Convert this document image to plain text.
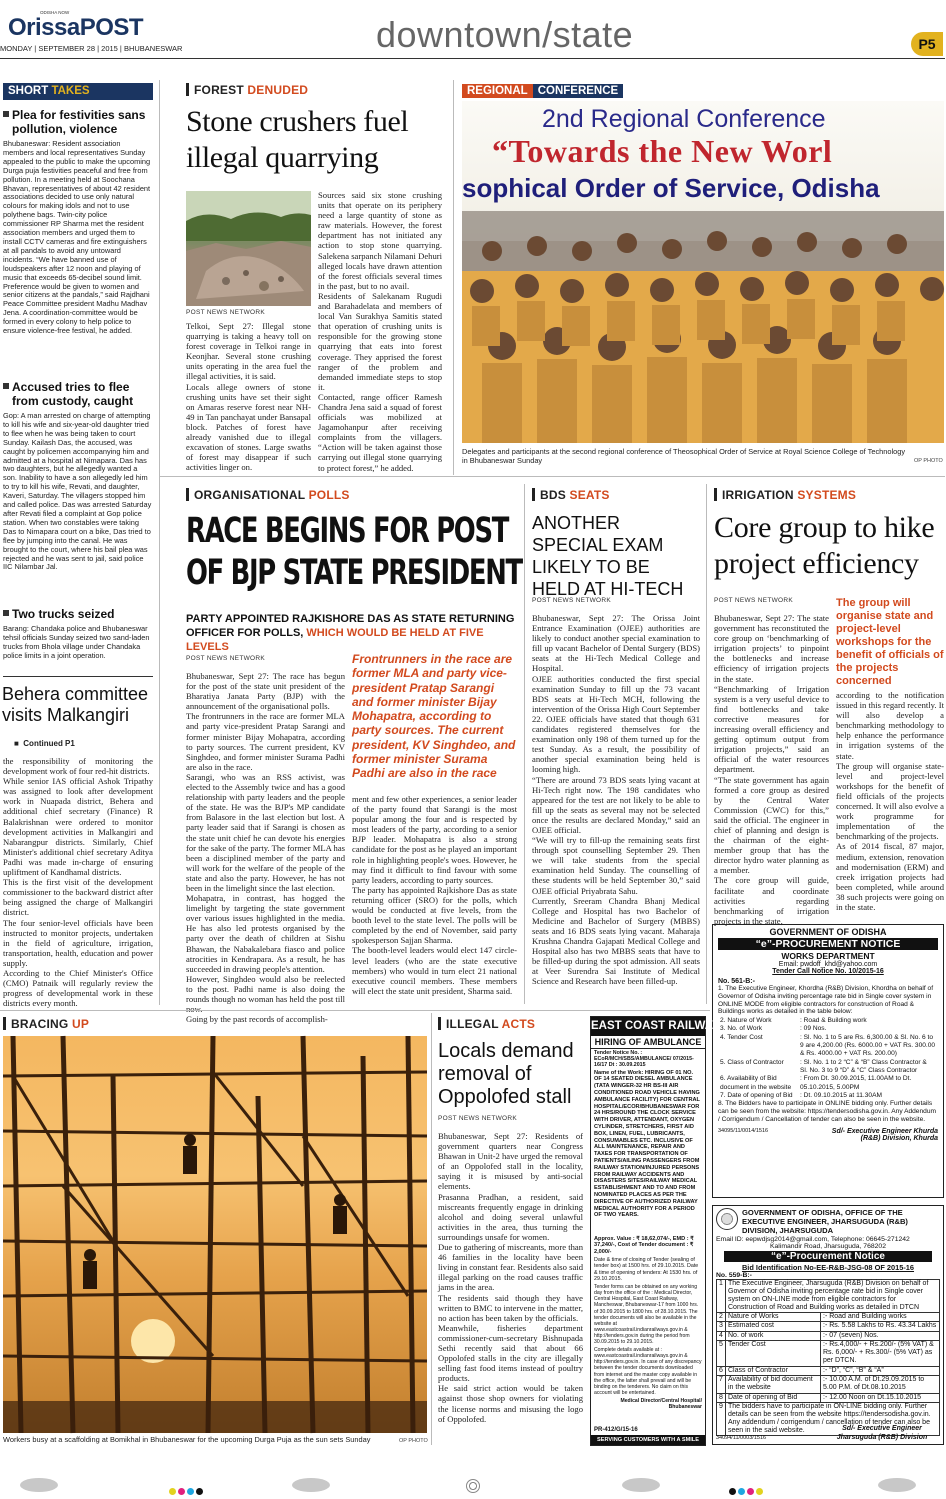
ODISHA NOW
OrissaPOST
MONDAY | SEPTEMBER 28 | 2015 | BHUBANESWAR	downtown/state	P5
SHORT TAKES
Plea for festivities sans pollution, violence
Bhubaneswar: Resident association members and local representatives Sunday appealed to the public to make the upcoming Durga puja festivities peaceful and free from pollution. In a meeting held at Soochana Bhavan, representatives of about 42 resident associations decided to use only natural colours for making idols and not to use polythene bags. Twin-city police commissioner RP Sharma met the resident association members and urged them to install CCTV cameras and fire extinguishers at all pandals to avoid any untoward incidents. “We have banned use of loudspeakers after 12 noon and playing of music that exceeds 65-decibel sound limit. Preference would be given to women and senior citizens at the pandals,” said Rajdhani Peace Committee president Madhu Madhav Jena. A coordination-committee would be formed in every colony to help police to ensure violence-free festival, he added.
Accused tries to flee from custody, caught
Gop: A man arrested on charge of attempting to kill his wife and six-year-old daughter tried to flee when he was being taken to court Sunday. Kailash Das, the accused, was caught by policemen accompanying him and admitted at a hospital at Nimapara. Das has two daughters, but he allegedly wanted a son. Inability to have a son allegedly led him to try to kill his wife, Revati, and daughter, Kaveri, Saturday. The villagers stopped him and called police. Das was arrested Saturday after Revati filed a complaint at Gop police station. When two constables were taking Das to Nimapara court on a bike, Das tried to flee by jumping into the canal. He was brought to the court, where his bail plea was rejected and he was sent to jail, said police IIC Nilambar Jal.
Two trucks seized
Barang: Chandaka police and Bhubaneswar tehsil officials Sunday seized two sand-laden trucks from Bhola village under Chandaka police limits in a joint operation.
Behera committee visits Malkangiri
■  Continued P1
the responsibility of monitoring the development work of four red-hit districts.
While senior IAS official Ashok Tripathy was assigned to look after development work in Nuapada district, Behera and additional chief secretary (Finance) R Balakrishnan were ordered to monitor development activities in Malkangiri and Nabarangpur districts. Similarly, Chief Minister's additional chief secretary Aditya Padhi was made in-charge of ensuring upliftment of Kandhamal districts.
This is the first visit of the development commissioner to the backward district after being assigned the charge of Malkangiri district.
The four senior-level officials have been instructed to monitor projects, undertaken in the field of agriculture, irrigation, transportation, health, education and power supply.
According to the Chief Minister's Office (CMO) Patnaik will regularly review the progress of developmental work in these districts every month.
FOREST DENUDED
Stone crushers fuel illegal quarrying
POST NEWS NETWORK
Telkoi, Sept 27: Illegal stone quarrying is taking a heavy toll on forest coverage in Telkoi range in Keonjhar. Several stone crushing units operating in the area fuel the illegal activities, it is said.
Locals allege owners of stone crushing units have set their sight on Amaras reserve forest near NH-49 in Tan panchayat under Bansapal block. Patches of forest have already vanished due to illegal excavation of stones. Large swaths of forest may disappear if such activities linger on.
Sources said six stone crushing units that operate on its periphery need a large quantity of stone as raw materials. However, the forest department has not initiated any action to stop stone quarrying. Salekena sarpanch Nilamani Dehuri alleged locals have drawn attention of the forest officials several times in the past, but to no avail.
Residents of Salekanam Rugudi and Barahadelata and members of local Van Surakhya Samitis stated that operation of crushing units is responsible for the growing stone quarrying that eats into forest coverage. They apprised the forest ranger of the problem and demanded immediate steps to stop it.
Contacted, range officer Ramesh Chandra Jena said a squad of forest officials was mobilized at Jagamohanpur after receiving complaints from the villagers. “Action will be taken against those carrying out illegal stone quarrying to protect forest,” he added.
REGIONAL CONFERENCE
2nd Regional Conference
“Towards the New Worl
sophical Order of Service, Odisha
Delegates and participants at the second regional conference of Theosophical Order of Service at Royal Science College of Technology in Bhubaneswar Sunday	OP PHOTO
ORGANISATIONAL POLLS
RACE BEGINS FOR POST OF BJP STATE PRESIDENT
PARTY APPOINTED RAJKISHORE DAS AS STATE RETURNING OFFICER FOR POLLS, WHICH WOULD BE HELD AT FIVE LEVELS
POST NEWS NETWORK
Bhubaneswar, Sept 27: The race has begun for the post of the state unit president of the Bharatiya Janata Party (BJP) with the announcement of the organisational polls.
The frontrunners in the race are former MLA and party vice-president Pratap Sarangi and former minister Bijay Mohapatra, according to party sources. The current president, KV Singhdeo, and former minister Surama Padhi are also in the race.
Sarangi, who was an RSS activist, was elected to the Assembly twice and has a good relationship with party leaders and the people of the state. He was the BJP's MP candidate from Balasore in the last election but lost. A party leader said that if Sarangi is chosen as the state unit chief he can devote his energies for the sake of the party. The former MLA has been a disciplined member of the party and will work for the welfare of the people of the state and also the party. However, he has not been in the limelight since the last election.
Mohapatra, in contrast, has hogged the limelight by targeting the state government over various issues highlighted in the media. He has also led protests organised by the party over the death of children at Sishu Bhawan, the Nabakalebara fiasco and police atrocities in Kendrapara. As a result, he has succeeded in drawing people's attention.
However, Singhdeo would also be reelected to the post. Padhi name is also doing the rounds though no woman has held the post till
Going by the past records of accomplish-
Frontrunners in the race are former MLA and party vice-president Pratap Sarangi and former minister Bijay Mohapatra, according to party sources. The current president, KV Singhdeo, and former minister Surama Padhi are also in the race
ment and few other experiences, a senior leader of the party found that Sarangi is the most popular among the four and is respected by most leaders of the party, according to a senior BJP leader. Mohapatra is also a strong candidate for the post as he played an important role in highlighting people's woes. However, he may find it difficult to find favour with some party leaders, according to party sources.
The party has appointed Rajkishore Das as state returning officer (SRO) for the polls, which would be conducted at five levels, from the booth level to the state level. The polls will be completed by the end of November, said party spokesperson Sajjan Sharma.
The booth-level leaders would elect 147 circle-level leaders (who are the state executive members) who would in turn elect 21 national executive council members. These members will elect the state unit president, Sharma said.
BDS SEATS
ANOTHER SPECIAL EXAM LIKELY TO BE HELD AT HI-TECH
POST NEWS NETWORK
Bhubaneswar, Sept 27: The Orissa Joint Entrance Examination (OJEE) authorities are likely to conduct another special examination to fill up vacant Bachelor of Dental Surgery (BDS) seats at the Hi-Tech Medical College and Hospital.
OJEE authorities conducted the first special examination Sunday to fill up the 73 vacant BDS seats at Hi-Tech MCH, following the intervention of the Orissa High Court September 22. OJEE officials have stated that though 631 candidates registered themselves for the examination only 198 of them turned up for the test Sunday. As a result, the possibility of another special examination being held is looming high.
“There are around 73 BDS seats lying vacant at Hi-Tech right now. The 198 candidates who appeared for the test are not likely to be able to fill up the seats as several may not be selected once the results are declared Monday,” said an OJEE official.
“We will try to fill-up the remaining seats first through spot counselling September 29. Then we will take students from the special examination held Sunday. The counselling of these students will be held September 30,” said OJEE official Priyabrata Sahu.
Currently, Sreeram Chandra Bhanj Medical College and Hospital has two Bachelor of Medicine and Bachelor of Surgery (MBBS) seats and 16 BDS seats lying vacant. Maharaja Krushna Chandra Gajapati Medical College and Hospital also has two MBBS seats that have to be filled-up during the spot admission. All seats at Veer Surendra Sai Institute of Medical Science and Research have been filled-up.
IRRIGATION SYSTEMS
Core group to hike project efficiency
POST NEWS NETWORK
Bhubaneswar, Sept 27: The state government has reconstituted the core group on ‘benchmarking of irrigation projects’ to pinpoint the bottlenecks and increase efficiency of irrigation projects in the state.
“Benchmarking of Irrigation system is a very useful device to find bottlenecks and take corrective measures for increasing overall efficiency and getting optimum output from irrigation projects,” said an official of the water resources department.
“The state government has again formed a core group as desired by the Central Water Commission (CWC) for this,” said the official. The engineer in chief of planning and design is the chairman of the eight-member group that has the director hydro water planning as a member.
The core group will guide, facilitate and coordinate activities regarding benchmarking of irrigation projects in the state,
The group will organise state and project-level workshops for the benefit of officials of the projects concerned
according to the notification issued in this regard recently. It will also develop a benchmarking methodology to help enhance the performance in irrigation systems of the state.
The group will organise state-level and project-level workshops for the benefit of field officials of the projects concerned. It will also evolve a work programme for implementation of the benchmarking of the projects.
As of 2014 fiscal, 87 major, medium, extension, renovation and modernisation (ERM) and creek irrigation projects had been completed, while around 38 such projects were going on in the state.
GOVERNMENT OF ODISHA
“e”-PROCUREMENT NOTICE
WORKS DEPARTMENT
Email: pwdoff_khd@yahoo.com
Tender Call Notice No. 10/2015-16
No. 561-B:-
1. The Executive Engineer, Khordha (R&B) Division, Khordha on behalf of Governor of Odisha inviting percentage rate bid in Single cover system in ONLINE MODE from eligible contractors for construction of Road & Buildings works as detailed in the table below:
2. Nature of Work	: Road & Building work
3. No. of Work	: 09 Nos.
4. Tender Cost	: Sl. No. 1 to 5 are Rs. 6,300.00 & Sl. No. 6 to 9 are 4,200.00 (Rs. 6000.00 + VAT Rs. 300.00 & Rs. 4000.00 + VAT Rs. 200.00)
5. Class of Contractor	: Sl. No. 1 to 2 “C” & “B” Class Contractor & Sl. No. 3 to 9 “D” & “C” Class Contractor
6. Availability of Bid document in the website	: From Dt. 30.09.2015, 11.00AM to Dt. 05.10.2015, 5.00PM
7. Date of opening of Bid	: Dt. 09.10.2015 at 11.30AM
8. The Bidders have to participate in ONLINE bidding only. Further details can be seen from the website: https://tendersodisha.gov.in. Any Addendum / Corrigendum / Cancellation of tender can also be seen in the website.
34095/11/0014/1516	Sd/- Executive Engineer Khurda (R&B) Division, Khurda
BRACING UP
Workers busy at a scaffolding at Bomikhal in Bhubaneswar for the upcoming Durga Puja as the sun sets Sunday	OP PHOTO
ILLEGAL ACTS
Locals demand removal of Oppolofed stall
POST NEWS NETWORK
Bhubaneswar, Sept 27: Residents of government quarters near Congress Bhawan in Unit-2 have urged the removal of an Oppolofed stall in the locality, saying it is misused by anti-social elements.
Prasanna Pradhan, a resident, said miscreants frequently engage in drinking alcohol and doing several unlawful activities in the area, thus turning the surroundings unsafe for women.
Due to gathering of miscreants, more than 46 families in the locality have been living in constant fear. Residents also said illegal parking on the road causes traffic jams in the area.
The residents said though they have written to BMC to intervene in the matter, no action has been taken by the officials.
Meanwhile, fisheries department commissioner-cum-secretary Bishnupada Sethi recently said that about 66 Oppolofed stalls in the city are illegally selling fast food items instead of poultry products.
He said strict action would be taken against those shop owners for violating the license norms and misusing the logo of Oppolofed.
EAST COAST RAILWAY
HIRING OF AMBULANCE
Tender Notice No. : ECoR/MCH/SBS/AMBULANCE/ 07/2015-16/17 Dt : 30.09.2015
Name of the Work: HIRING OF 01 NO. OF 14 SEATED DIESEL AMBULANCE (TATA WINGER-32 HR BS-III AIR CONDITIONED ROAD VEHICLE HAVING AMBULANCE FACILITY) FOR CENTRAL HOSPITAL/ECOR/BHUBANESWAR FOR 24 HRS/ROUND THE CLOCK SERVICE WITH DRIVER, ATTENDANT, OXYGEN CYLINDER, STRETCHERS, FIRST AID BOX, LINEN, FUEL, LUBRICANTS, CONSUMABLES ETC. INCLUSIVE OF ALL MAINTENANCE, REPAIR AND TAXES FOR TRANSPORTATION OF PATIENTS/AILING PASSENGERS FROM RAILWAY STATION/INJURED PERSONS FROM RAILWAY ACCIDENTS AND DISASTERS SITES/RAILWAY MEDICAL ESTABLISHMENT AND TO AND FROM NOMINATED PLACES AS PER THE DIRECTIVE OF AUTHORIZED RAILWAY MEDICAL AUTHORITY FOR A PERIOD OF TWO YEARS.
Approx. Value : ₹ 18,62,074/-, EMD : ₹ 37,240/-, Cost of Tender document : ₹ 2,000/-
Date & time of closing of Tender (sealing of tender box) at 1500 hrs. of 29.10.2015. Date & time of opening of tenders: At 1530 hrs. of 29.10.2015.
Tender forms can be obtained on any working day from the office of the : Medical Director, Central Hospital, East Coast Railway, Mancheswar, Bhubaneswar-17 from 1000 hrs. of 30.09.2015 to 1800 hrs. of 28.10.2015. The tender documents will also be available in the website at www.eastcoastrail.indianrailways.gov.in & http://tenders.gov.in during the period from 30.09.2015 to 29.10.2015.
Complete details available at : www.eastcoastrail.indianrailways.gov.in & http://tenders.gov.in. In case of any discrepancy between the tender documents downloaded from internet and the master copy available in the office, the latter shall prevail and will be binding on the tenderers. No claim on this account will be entertained.
Medical Director/Central Hospital/ Bhubaneswar
PR-412/G/15-16
SERVING CUSTOMERS WITH A SMILE
GOVERNMENT OF ODISHA, OFFICE OF THE EXECUTIVE ENGINEER, JHARSUGUDA (R&B) DIVISION, JHARSUGUDA
Email ID: eepwdjsg2014@gmail.com, Telephone: 06645-271242
Kalimandir Road, Jharsuguda, 768202
“e”-Procurement Notice
Bid Identification No-EE-R&B-JSG-08 OF 2015-16
No. 559-B:-
1	The Executive Engineer, Jharsuguda (R&B) Division on behalf of Governor of Odisha inviting percentage rate bid in Single cover system on ON-LINE mode from eligible contractors for Construction of Road and Building works as detailed in DTCN	
2	Nature of Works	:- Road and Building works
3	Estimated cost	:- Rs. 5.58 Lakhs to Rs. 43.34 Lakhs
4	No. of work	:- 07 (seven) Nos.
5	Tender Cost	:- Rs.4,000/- + Rs.200/- (5% VAT) & Rs. 6,000/- + Rs.300/- (5% VAT) as per DTCN.
6	Class of Contractor	:- “D”, “C”, “B” & “A”
7	Availability of bid document in the website	:- 10.00 A.M. of Dt.29.09.2015 to 5.00 P.M. of Dt.08.10.2015
8	Date of opening of Bid	:- 12.00 Noon on Dt.15.10.2015
9	The bidders have to participate in ON-LINE bidding only. Further details can be seen from the website https://tendersodisha.gov.in. Any addendum / corrigendum / cancellation of tender can also be seen in the said website.	
34094/11/0003/1516
Sd/- Executive Engineer Jharsuguda (R&B) Division
